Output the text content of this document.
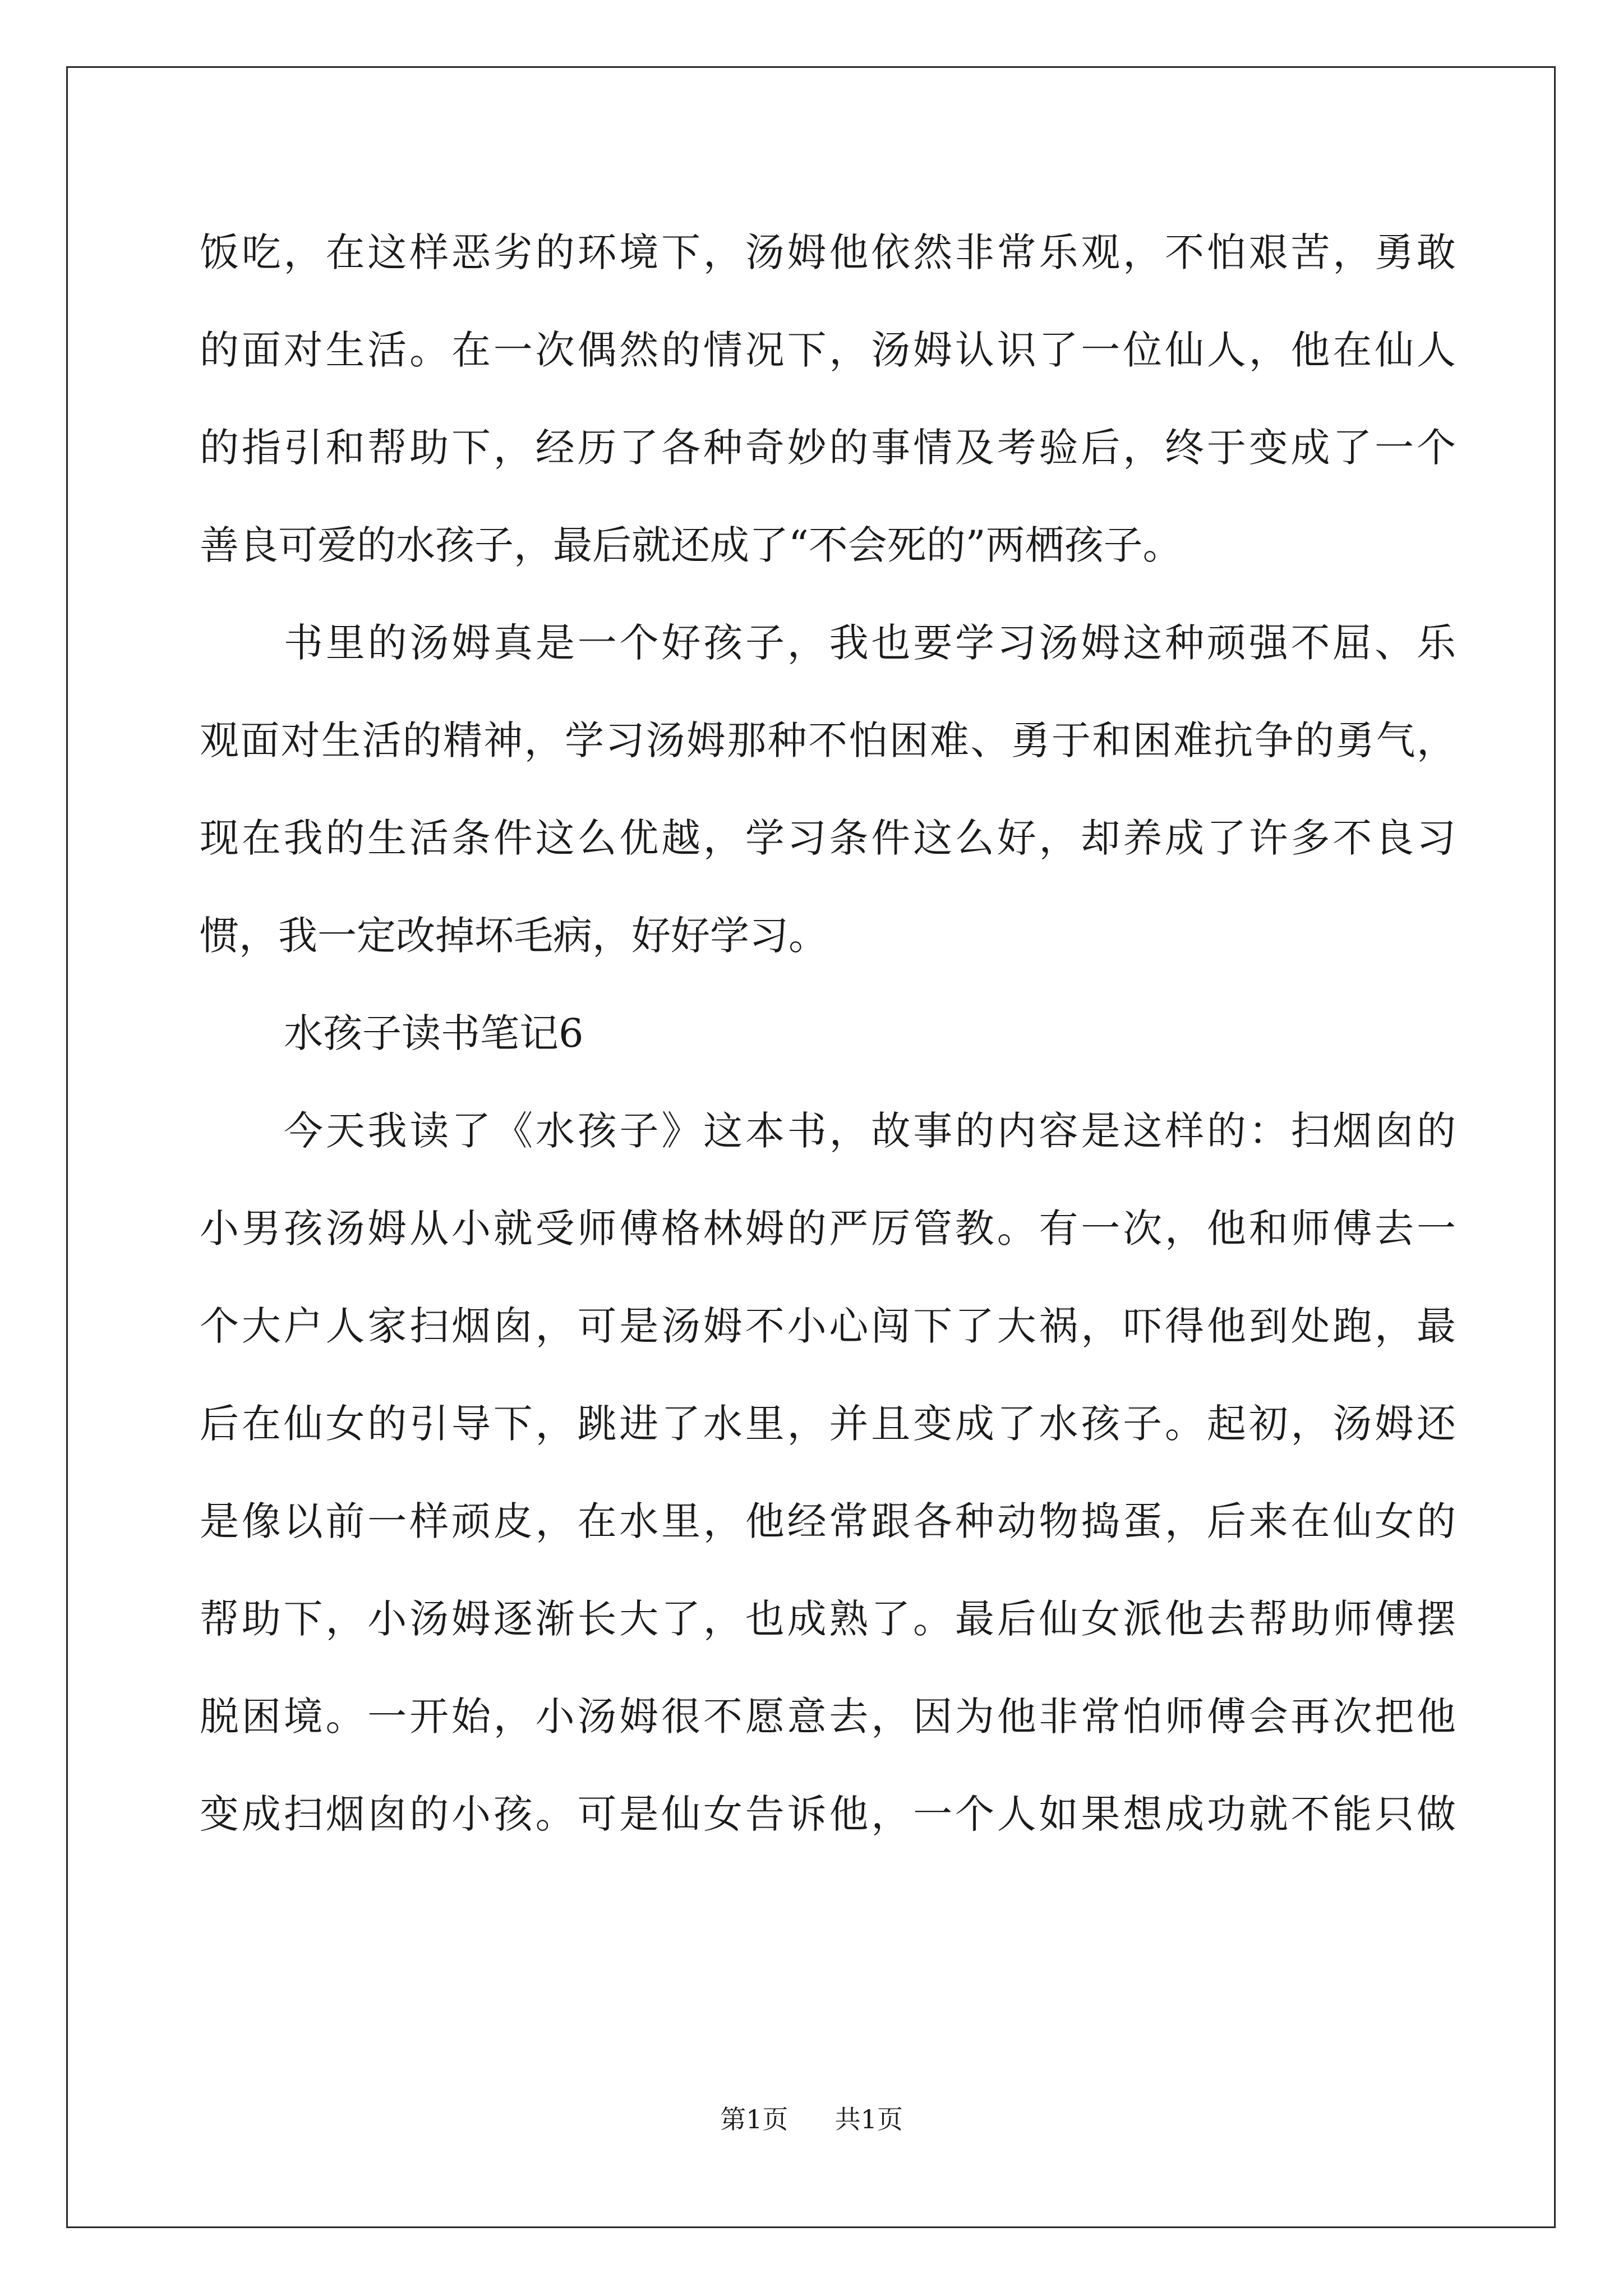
饭吃，在这样恶劣的环境下，汤姆他依然非常乐观，不怕艰苦，勇敢
的面对生活。在一次偶然的情况下，汤姆认识了一位仙人，他在仙人
的指引和帮助下，经历了各种奇妙的事情及考验后，终于变成了一个
善良可爱的水孩子，最后就还成了“不会死的”两栖孩子。
书里的汤姆真是一个好孩子，我也要学习汤姆这种顽强不屈、乐
观面对生活的精神，学习汤姆那种不怕困难、勇于和困难抗争的勇气，
现在我的生活条件这么优越，学习条件这么好，却养成了许多不良习
惯，我一定改掉坏毛病，好好学习。
水孩子读书笔记6
今天我读了《水孩子》这本书，故事的内容是这样的：扫烟囱的
小男孩汤姆从小就受师傅格林姆的严厉管教。有一次，他和师傅去一
个大户人家扫烟囱，可是汤姆不小心闯下了大祸，吓得他到处跑，最
后在仙女的引导下，跳进了水里，并且变成了水孩子。起初，汤姆还
是像以前一样顽皮，在水里，他经常跟各种动物捣蛋，后来在仙女的
帮助下，小汤姆逐渐长大了，也成熟了。最后仙女派他去帮助师傅摆
脱困境。一开始，小汤姆很不愿意去，因为他非常怕师傅会再次把他
变成扫烟囱的小孩。可是仙女告诉他，一个人如果想成功就不能只做
第1页 共1页
